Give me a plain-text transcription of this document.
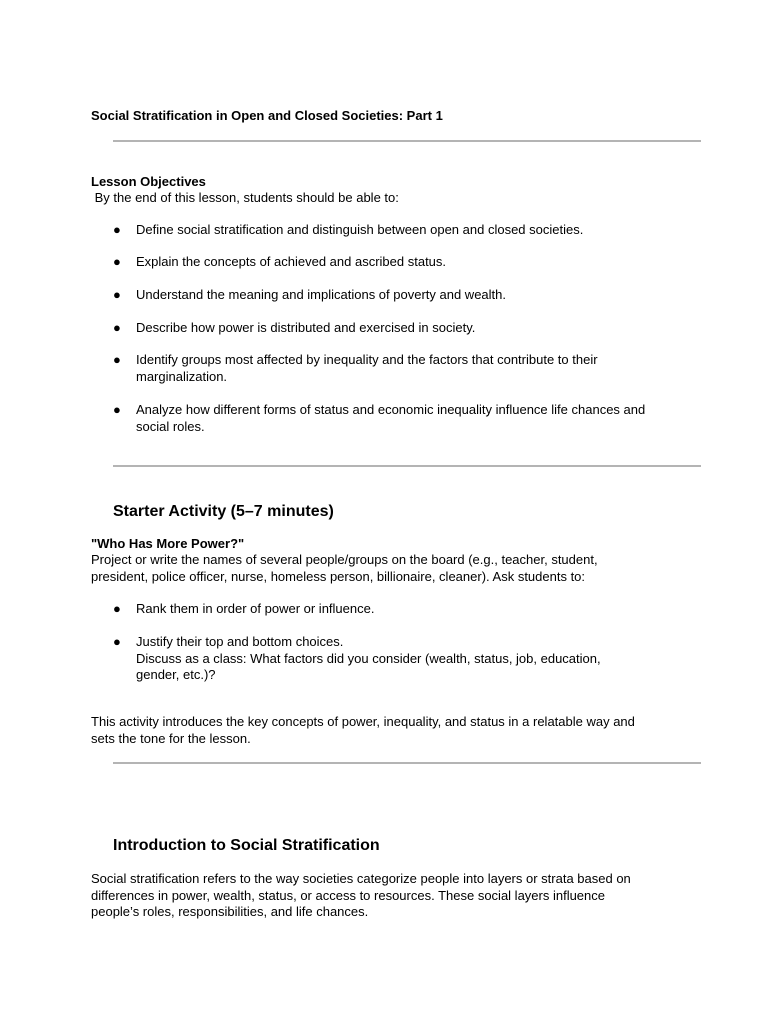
Social Stratification in Open and Closed Societies: Part 1
Lesson Objectives
By the end of this lesson, students should be able to:
● Define social stratification and distinguish between open and closed societies.
● Explain the concepts of achieved and ascribed status.
● Understand the meaning and implications of poverty and wealth.
● Describe how power is distributed and exercised in society.
● Identify groups most affected by inequality and the factors that contribute to their
marginalization.
● Analyze how different forms of status and economic inequality influence life chances and
social roles.
Starter Activity (5–7 minutes)
"Who Has More Power?"
Project or write the names of several people/groups on the board (e.g., teacher, student,
president, police officer, nurse, homeless person, billionaire, cleaner). Ask students to:
● Rank them in order of power or influence.
● Justify their top and bottom choices.
Discuss as a class: What factors did you consider (wealth, status, job, education,
gender, etc.)?
This activity introduces the key concepts of power, inequality, and status in a relatable way and
sets the tone for the lesson.
Introduction to Social Stratification
Social stratification refers to the way societies categorize people into layers or strata based on
differences in power, wealth, status, or access to resources. These social layers influence
people’s roles, responsibilities, and life chances.
